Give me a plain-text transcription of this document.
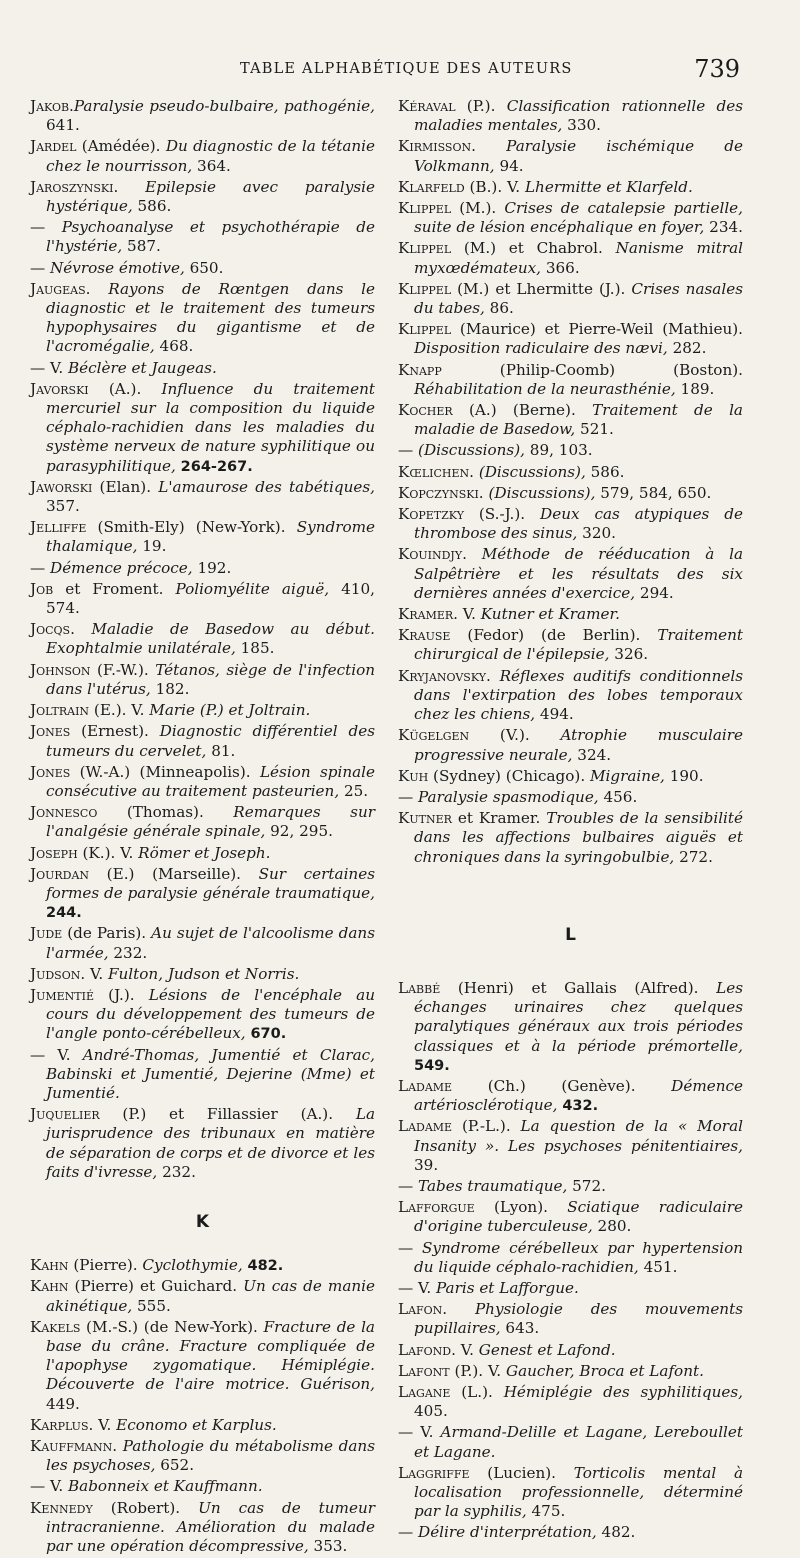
TABLE ALPHABÉTIQUE DES AUTEURS	739
Jakob.Paralysie pseudo-bulbaire, pathogénie, 641.
Jardel (Amédée). Du diagnostic de la tétanie chez le nourrisson, 364.
Jaroszynski. Epilepsie avec paralysie hystérique, 586.
— Psychoanalyse et psychothérapie de l'hystérie, 587.
— Névrose émotive, 650.
Jaugeas. Rayons de Rœntgen dans le diagnostic et le traitement des tumeurs hypophysaires du gigantisme et de l'acromégalie, 468.
— V. Béclère et Jaugeas.
Javorski (A.). Influence du traitement mercuriel sur la composition du liquide céphalo-rachidien dans les maladies du système nerveux de nature syphilitique ou parasyphilitique, 264-267.
Jaworski (Elan). L'amaurose des tabétiques, 357.
Jelliffe (Smith-Ely) (New-York). Syndrome thalamique, 19.
— Démence précoce, 192.
Job et Froment. Poliomyélite aiguë, 410, 574.
Jocqs. Maladie de Basedow au début. Exophtalmie unilatérale, 185.
Johnson (F.-W.). Tétanos, siège de l'infection dans l'utérus, 182.
Joltrain (E.). V. Marie (P.) et Joltrain.
Jones (Ernest). Diagnostic différentiel des tumeurs du cervelet, 81.
Jones (W.-A.) (Minneapolis). Lésion spinale consécutive au traitement pasteurien, 25.
Jonnesco (Thomas). Remarques sur l'analgésie générale spinale, 92, 295.
Joseph (K.). V. Römer et Joseph.
Jourdan (E.) (Marseille). Sur certaines formes de paralysie générale traumatique, 244.
Jude (de Paris). Au sujet de l'alcoolisme dans l'armée, 232.
Judson. V. Fulton, Judson et Norris.
Jumentié (J.). Lésions de l'encéphale au cours du développement des tumeurs de l'angle ponto-cérébelleux, 670.
— V. André-Thomas, Jumentié et Clarac, Babinski et Jumentié, Dejerine (Mme) et Jumentié.
Juquelier (P.) et Fillassier (A.). La jurisprudence des tribunaux en matière de séparation de corps et de divorce et les faits d'ivresse, 232.
K
Kahn (Pierre). Cyclothymie, 482.
Kahn (Pierre) et Guichard. Un cas de manie akinétique, 555.
Kakels (M.-S.) (de New-York). Fracture de la base du crâne. Fracture compliquée de l'apophyse zygomatique. Hémiplégie. Découverte de l'aire motrice. Guérison, 449.
Karplus. V. Economo et Karplus.
Kauffmann. Pathologie du métabolisme dans les psychoses, 652.
— V. Babonneix et Kauffmann.
Kennedy (Robert). Un cas de tumeur intracranienne. Amélioration du malade par une opération décompressive, 353.
Kéraval (P.). Classification rationnelle des maladies mentales, 330.
Kirmisson. Paralysie ischémique de Volkmann, 94.
Klarfeld (B.). V. Lhermitte et Klarfeld.
Klippel (M.). Crises de catalepsie partielle, suite de lésion encéphalique en foyer, 234.
Klippel (M.) et Chabrol. Nanisme mitral myxœdémateux, 366.
Klippel (M.) et Lhermitte (J.). Crises nasales du tabes, 86.
Klippel (Maurice) et Pierre-Weil (Mathieu). Disposition radiculaire des nævi, 282.
Knapp (Philip-Coomb) (Boston). Réhabilitation de la neurasthénie, 189.
Kocher (A.) (Berne). Traitement de la maladie de Basedow, 521.
— (Discussions), 89, 103.
Kœlichen. (Discussions), 586.
Kopczynski. (Discussions), 579, 584, 650.
Kopetzky (S.-J.). Deux cas atypiques de thrombose des sinus, 320.
Kouindjy. Méthode de rééducation à la Salpêtrière et les résultats des six dernières années d'exercice, 294.
Kramer. V. Kutner et Kramer.
Krause (Fedor) (de Berlin). Traitement chirurgical de l'épilepsie, 326.
Kryjanovsky. Réflexes auditifs conditionnels dans l'extirpation des lobes temporaux chez les chiens, 494.
Kügelgen (V.). Atrophie musculaire progressive neurale, 324.
Kuh (Sydney) (Chicago). Migraine, 190.
— Paralysie spasmodique, 456.
Kutner et Kramer. Troubles de la sensibilité dans les affections bulbaires aiguës et chroniques dans la syringobulbie, 272.
L
Labbé (Henri) et Gallais (Alfred). Les échanges urinaires chez quelques paralytiques généraux aux trois périodes classiques et à la période prémortelle, 549.
Ladame (Ch.) (Genève). Démence artériosclérotique, 432.
Ladame (P.-L.). La question de la « Moral Insanity ». Les psychoses pénitentiaires, 39.
— Tabes traumatique, 572.
Lafforgue (Lyon). Sciatique radiculaire d'origine tuberculeuse, 280.
— Syndrome cérébelleux par hypertension du liquide céphalo-rachidien, 451.
— V. Paris et Lafforgue.
Lafon. Physiologie des mouvements pupillaires, 643.
Lafond. V. Genest et Lafond.
Lafont (P.). V. Gaucher, Broca et Lafont.
Lagane (L.). Hémiplégie des syphilitiques, 405.
— V. Armand-Delille et Lagane, Lereboullet et Lagane.
Laggriffe (Lucien). Torticolis mental à localisation professionnelle, déterminé par la syphilis, 475.
— Délire d'interprétation, 482.
